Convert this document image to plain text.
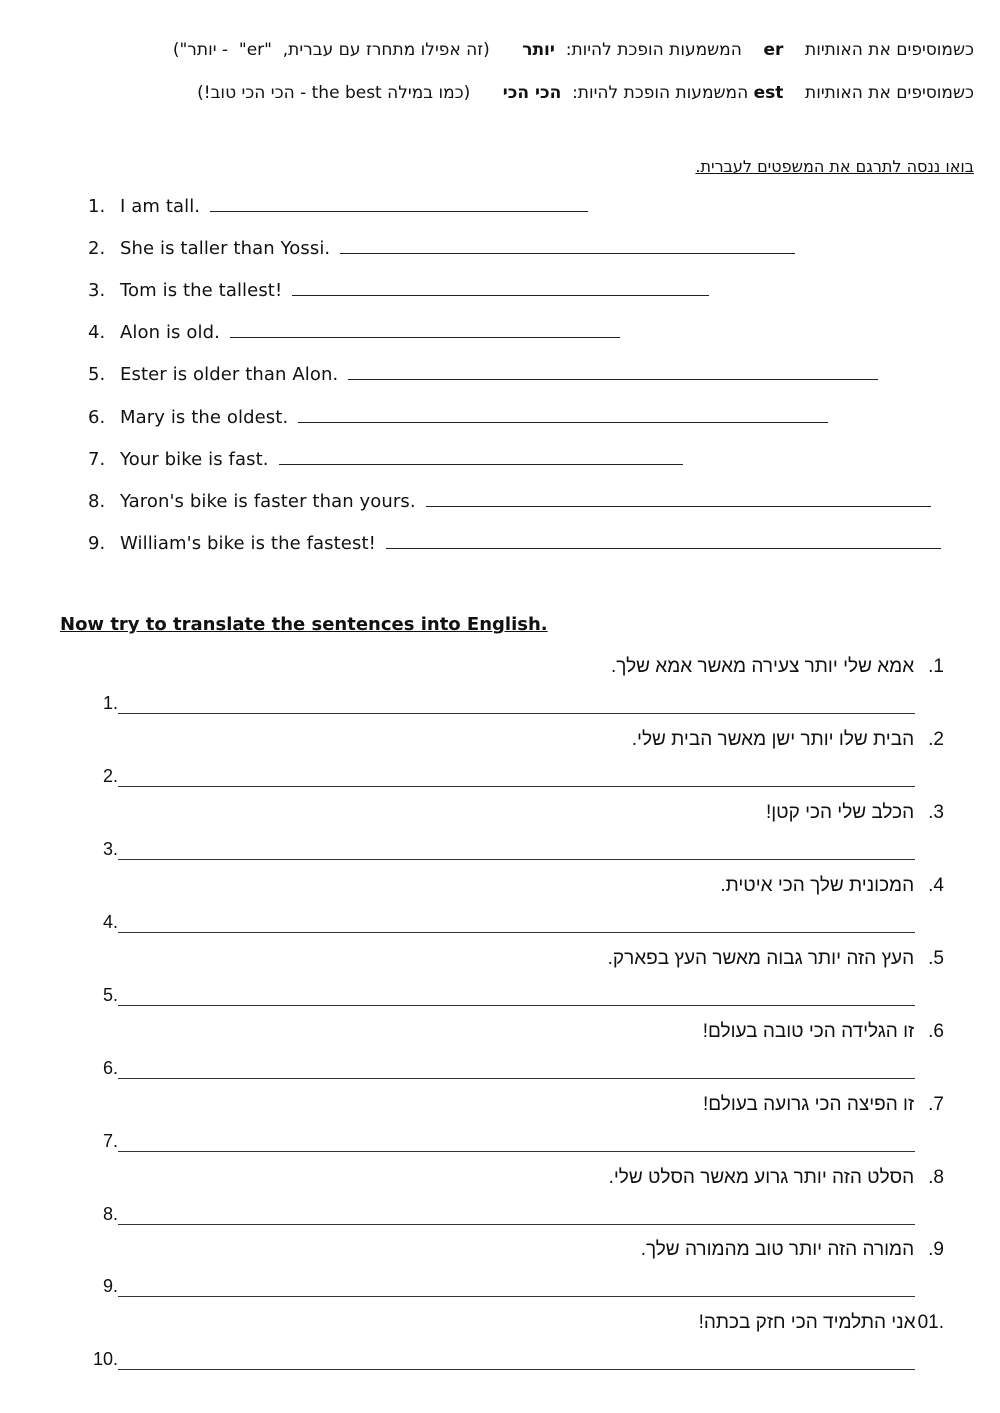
כשמוסיפים את האותיות

er

המשמעות הופכת להיות:

יותר

(זה אפילו מתחרז עם עברית,  "er"  - יותר")
כשמוסיפים את האותיות

est

המשמעות הופכת להיות:

הכי הכי

(כמו במילה the best - הכי הכי טוב!)
בואו ננסה לתרגם את המשפטים לעברית.
1. I am tall.
2. She is taller than Yossi.
3. Tom is the tallest!
4. Alon is old.
5. Ester is older than Alon.
6. Mary is the oldest.
7. Your bike is fast.
8. Yaron's bike is faster than yours.
9. William's bike is the fastest!
Now try to translate the sentences into English.
.1
אמא שלי יותר צעירה מאשר אמא שלך.
1.
.2
הבית שלו יותר ישן מאשר הבית שלי.
2.
.3
הכלב שלי הכי קטן!
3.
.4
המכונית שלך הכי איטית.
4.
.5
העץ הזה יותר גבוה מאשר העץ בפארק.
5.
.6
זו הגלידה הכי טובה בעולם!
6.
.7
זו הפיצה הכי גרועה בעולם!
7.
.8
הסלט הזה יותר גרוע מאשר הסלט שלי.
8.
.9
המורה הזה יותר טוב מהמורה שלך.
9.
01.
אני התלמיד הכי חזק בכתה!
10.
